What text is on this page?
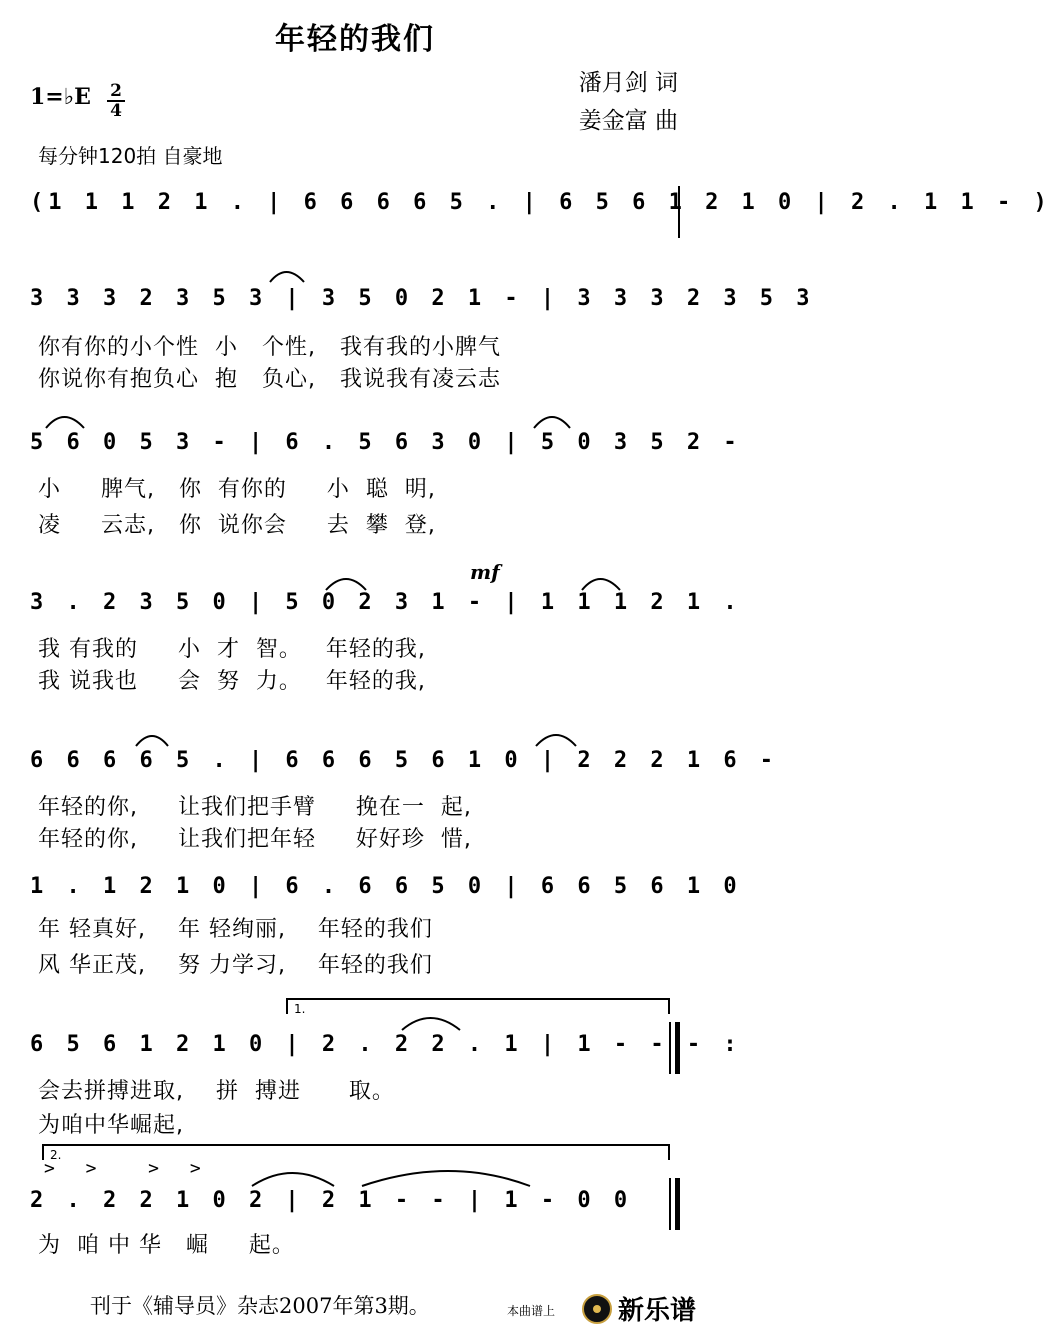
年轻的我们
潘月剑 词
姜金富 曲
1=♭E	2
4
每分钟120拍 自豪地
(1 1 1 2 1 . | 6 6 6 6 5 . | 6 5 6 1 2 1 0 | 2 . 1 1 - )
3 3 3 2 3 5 3 | 3 5 0 2 1 - | 3 3 3 2 3 5 3
你有你的小个性  小   个性,   我有我的小脾气
你说你有抱负心  抱   负心,   我说我有凌云志
5 6 0 5 3 - | 6 . 5 6 3 0 | 5 0 3 5 2 -
小     脾气,   你  有你的     小  聪  明,
凌     云志,   你  说你会     去  攀  登,
mf
3 . 2 3 5 0 | 5 0 2 3 1 - | 1 1 1 2 1 .
我 有我的     小  才  智。   年轻的我,
我 说我也     会  努  力。   年轻的我,
6 6 6 6 5 . | 6 6 6 5 6 1 0 | 2 2 2 1 6 -
年轻的你,     让我们把手臂     挽在一  起,
年轻的你,     让我们把年轻     好好珍  惜,
1 . 1 2 1 0 | 6 . 6 6 5 0 | 6 6 5 6 1 0
年 轻真好,    年 轻绚丽,    年轻的我们
风 华正茂,    努 力学习,    年轻的我们
1.
6 5 6 1 2 1 0 | 2 . 2 2 . 1 | 1 - - - :
会去拼搏进取,    拼  搏进      取。
为咱中华崛起,
2.
> >  > >
2 . 2 2 1 0 2 | 2 1 - - | 1 - 0 0
为  咱 中 华   崛     起。
刊于《辅导员》杂志2007年第3期。	本曲谱上 新乐谱
